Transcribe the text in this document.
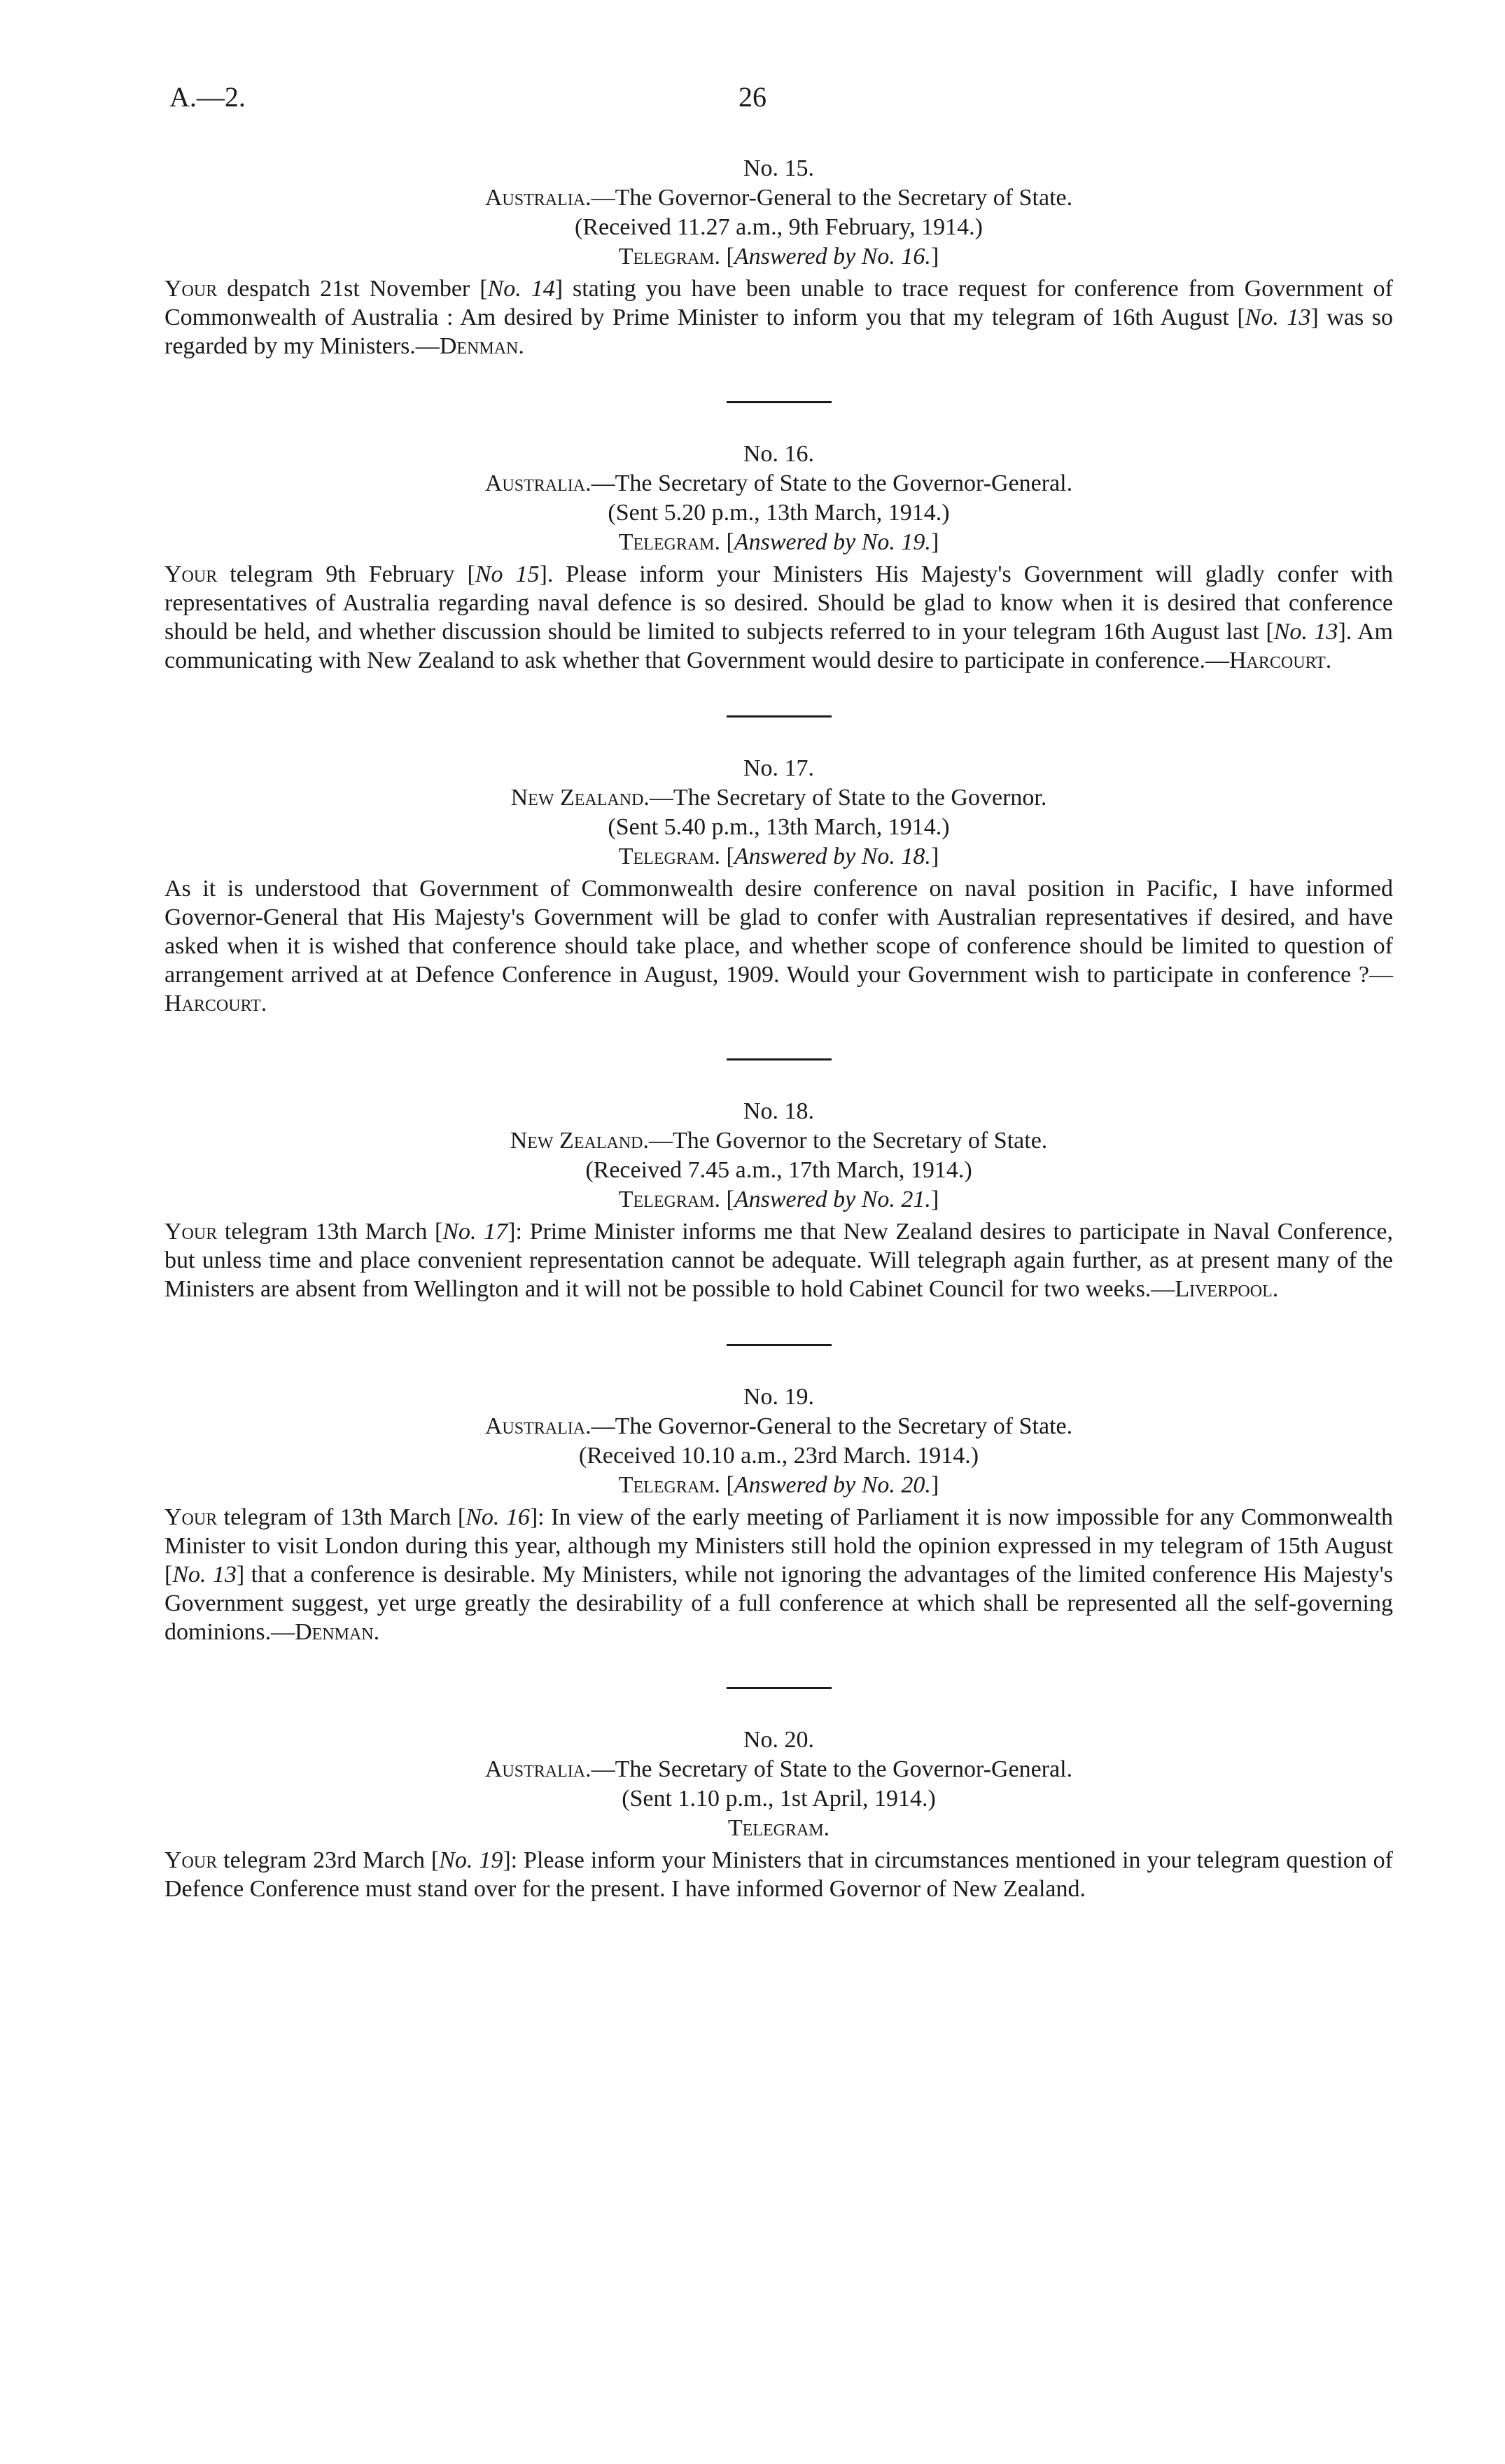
A.—2.	26
No. 15.
Australia.—The Governor-General to the Secretary of State.
(Received 11.27 a.m., 9th February, 1914.)
Telegram. [Answered by No. 16.]

Your despatch 21st November [No. 14] stating you have been unable to trace request for conference from Government of Commonwealth of Australia : Am desired by Prime Minister to inform you that my telegram of 16th August [No. 13] was so regarded by my Ministers.—Denman.

No. 16.
Australia.—The Secretary of State to the Governor-General.
(Sent 5.20 p.m., 13th March, 1914.)
Telegram. [Answered by No. 19.]

Your telegram 9th February [No 15]. Please inform your Ministers His Majesty's Government will gladly confer with representatives of Australia regarding naval defence is so desired. Should be glad to know when it is desired that conference should be held, and whether discussion should be limited to subjects referred to in your telegram 16th August last [No. 13]. Am communicating with New Zealand to ask whether that Government would desire to participate in conference.—Harcourt.

No. 17.
New Zealand.—The Secretary of State to the Governor.
(Sent 5.40 p.m., 13th March, 1914.)
Telegram. [Answered by No. 18.]

As it is understood that Government of Commonwealth desire conference on naval position in Pacific, I have informed Governor-General that His Majesty's Government will be glad to confer with Australian representatives if desired, and have asked when it is wished that conference should take place, and whether scope of conference should be limited to question of arrangement arrived at at Defence Conference in August, 1909. Would your Government wish to participate in conference ?—Harcourt.

No. 18.
New Zealand.—The Governor to the Secretary of State.
(Received 7.45 a.m., 17th March, 1914.)
Telegram. [Answered by No. 21.]

Your telegram 13th March [No. 17]: Prime Minister informs me that New Zealand desires to participate in Naval Conference, but unless time and place convenient representation cannot be adequate. Will telegraph again further, as at present many of the Ministers are absent from Wellington and it will not be possible to hold Cabinet Council for two weeks.—Liverpool.

No. 19.
Australia.—The Governor-General to the Secretary of State.
(Received 10.10 a.m., 23rd March. 1914.)
Telegram. [Answered by No. 20.]

Your telegram of 13th March [No. 16]: In view of the early meeting of Parliament it is now impossible for any Commonwealth Minister to visit London during this year, although my Ministers still hold the opinion expressed in my telegram of 15th August [No. 13] that a conference is desirable. My Ministers, while not ignoring the advantages of the limited conference His Majesty's Government suggest, yet urge greatly the desirability of a full conference at which shall be represented all the self-governing dominions.—Denman.

No. 20.
Australia.—The Secretary of State to the Governor-General.
(Sent 1.10 p.m., 1st April, 1914.)
Telegram.

Your telegram 23rd March [No. 19]: Please inform your Ministers that in circumstances mentioned in your telegram question of Defence Conference must stand over for the present. I have informed Governor of New Zealand.
